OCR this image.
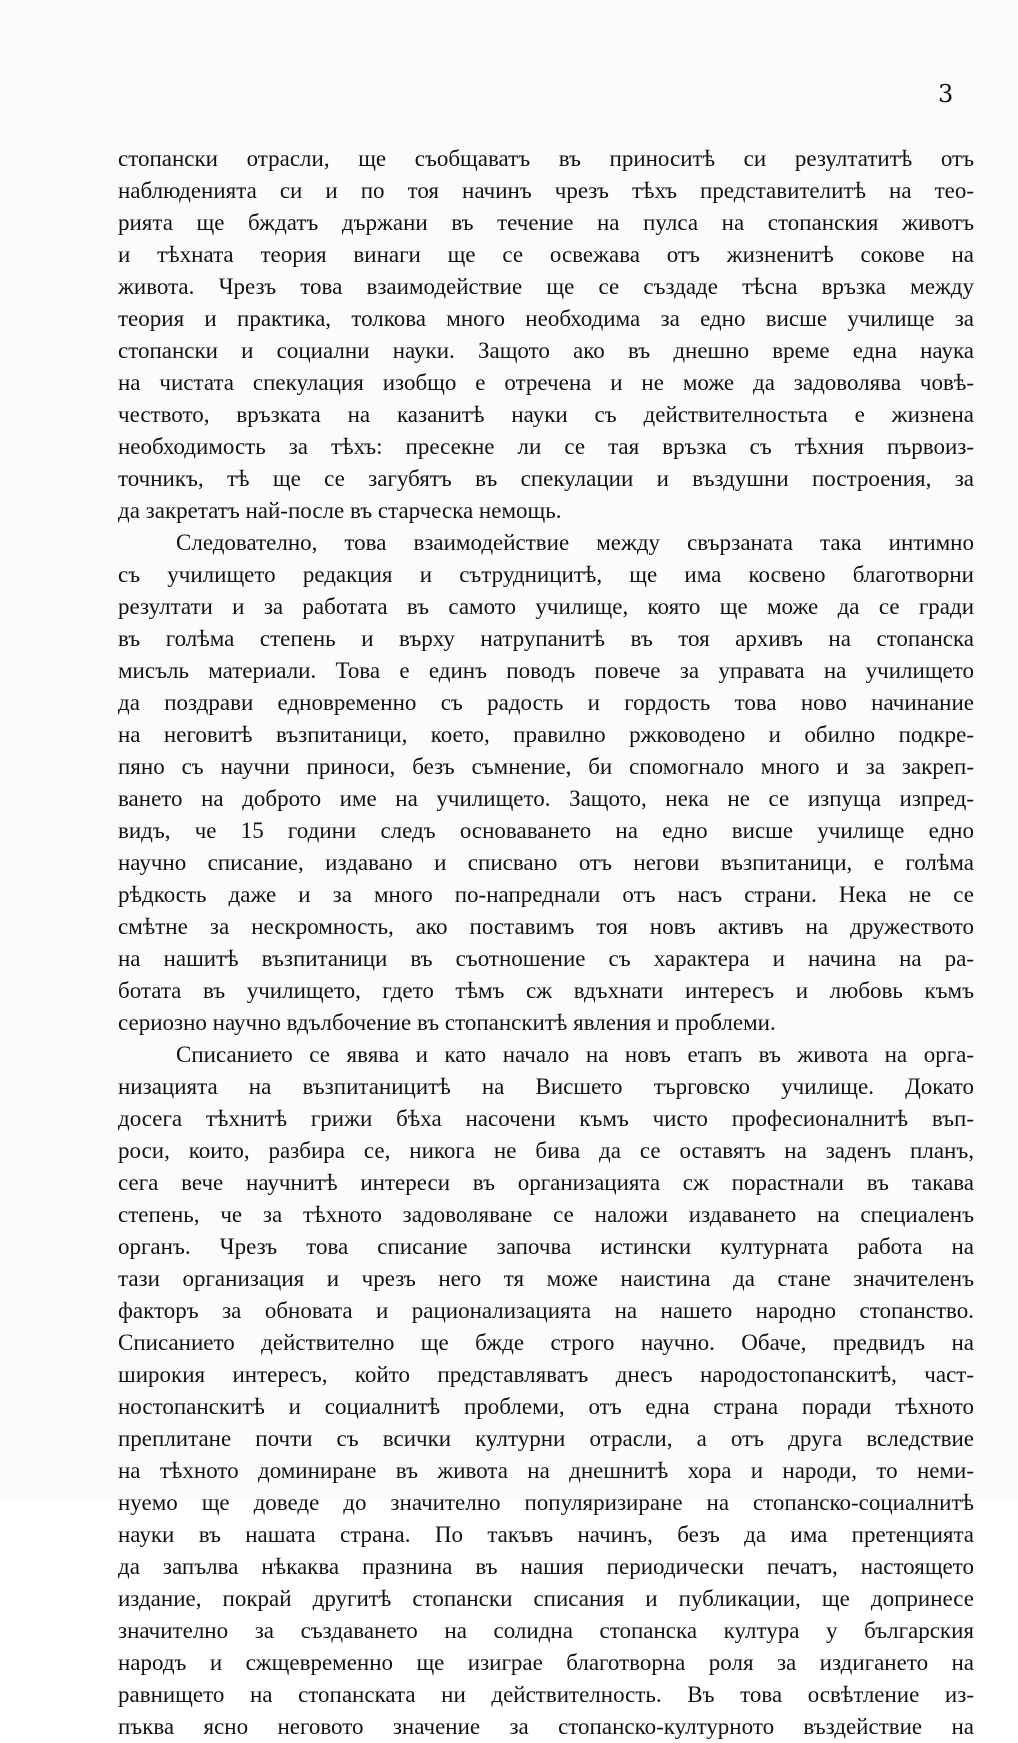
3
стопански отрасли, ще съобщаватъ въ приноситѣ си резултатитѣ отъ
наблюденията си и по тоя начинъ чрезъ тѣхъ представителитѣ на тео-
рията ще бждатъ държани въ течение на пулса на стопанския животъ
и тѣхната теория винаги ще се освежава отъ жизненитѣ сокове на
живота. Чрезъ това взаимодействие ще се създаде тѣсна връзка между
теория и практика, толкова много необходима за едно висше училище за
стопански и социални науки. Защото ако въ днешно време една наука
на чистата спекулация изобщо е отречена и не може да задоволява човѣ-
чеството, връзката на казанитѣ науки съ действителностьта е жизнена
необходимость за тѣхъ: пресекне ли се тая връзка съ тѣхния първоиз-
точникъ, тѣ ще се загубятъ въ спекулации и въздушни построения, за
да закретатъ най-после въ старческа немощь.
Следователно, това взаимодействие между свързаната така интимно
съ училището редакция и сътрудницитѣ, ще има косвено благотворни
резултати и за работата въ самото училище, която ще може да се гради
въ голѣма степень и върху натрупанитѣ въ тоя архивъ на стопанска
мисъль материали. Това е единъ поводъ повече за управата на училището
да поздрави едновременно съ радость и гордость това ново начинание
на неговитѣ възпитаници, което, правилно ржководено и обилно подкре-
пяно съ научни приноси, безъ съмнение, би спомогнало много и за закреп-
ването на доброто име на училището. Защото, нека не се изпуща изпред-
видъ, че 15 години следъ основаването на едно висше училище едно
научно списание, издавано и списвано отъ негови възпитаници, е голѣма
рѣдкость даже и за много по-напреднали отъ насъ страни. Нека не се
смѣтне за нескромность, ако поставимъ тоя новъ активъ на дружеството
на нашитѣ възпитаници въ съотношение съ характера и начина на ра-
ботата въ училището, гдето тѣмъ сж вдъхнати интересъ и любовь къмъ
сериозно научно вдълбочение въ стопанскитѣ явления и проблеми.
Списанието се явява и като начало на новъ етапъ въ живота на орга-
низацията на възпитаницитѣ на Висшето търговско училище. Докато
досега тѣхнитѣ грижи бѣха насочени къмъ чисто професионалнитѣ въп-
роси, които, разбира се, никога не бива да се оставятъ на заденъ планъ,
сега вече научнитѣ интереси въ организацията сж порастнали въ такава
степень, че за тѣхното задоволяване се наложи издаването на специаленъ
органъ. Чрезъ това списание започва истински културната работа на
тази организация и чрезъ него тя може наистина да стане значителенъ
факторъ за обновата и рационализацията на нашето народно стопанство.
Списанието действително ще бжде строго научно. Обаче, предвидъ на
широкия интересъ, който представляватъ днесъ народостопанскитѣ, част-
ностопанскитѣ и социалнитѣ проблеми, отъ една страна поради тѣхното
преплитане почти съ всички културни отрасли, а отъ друга вследствие
на тѣхното доминиране въ живота на днешнитѣ хора и народи, то неми-
нуемо ще доведе до значително популяризиране на стопанско-социалнитѣ
науки въ нашата страна. По такъвъ начинъ, безъ да има претенцията
да запълва нѣкаква празнина въ нашия периодически печатъ, настоящето
издание, покрай другитѣ стопански списания и публикации, ще допринесе
значително за създаването на солидна стопанска култура у българския
народъ и сжщевременно ще изиграе благотворна роля за издигането на
равнището на стопанската ни действителность. Въ това освѣтление из-
пъква ясно неговото значение за стопанско-културното въздействие на
